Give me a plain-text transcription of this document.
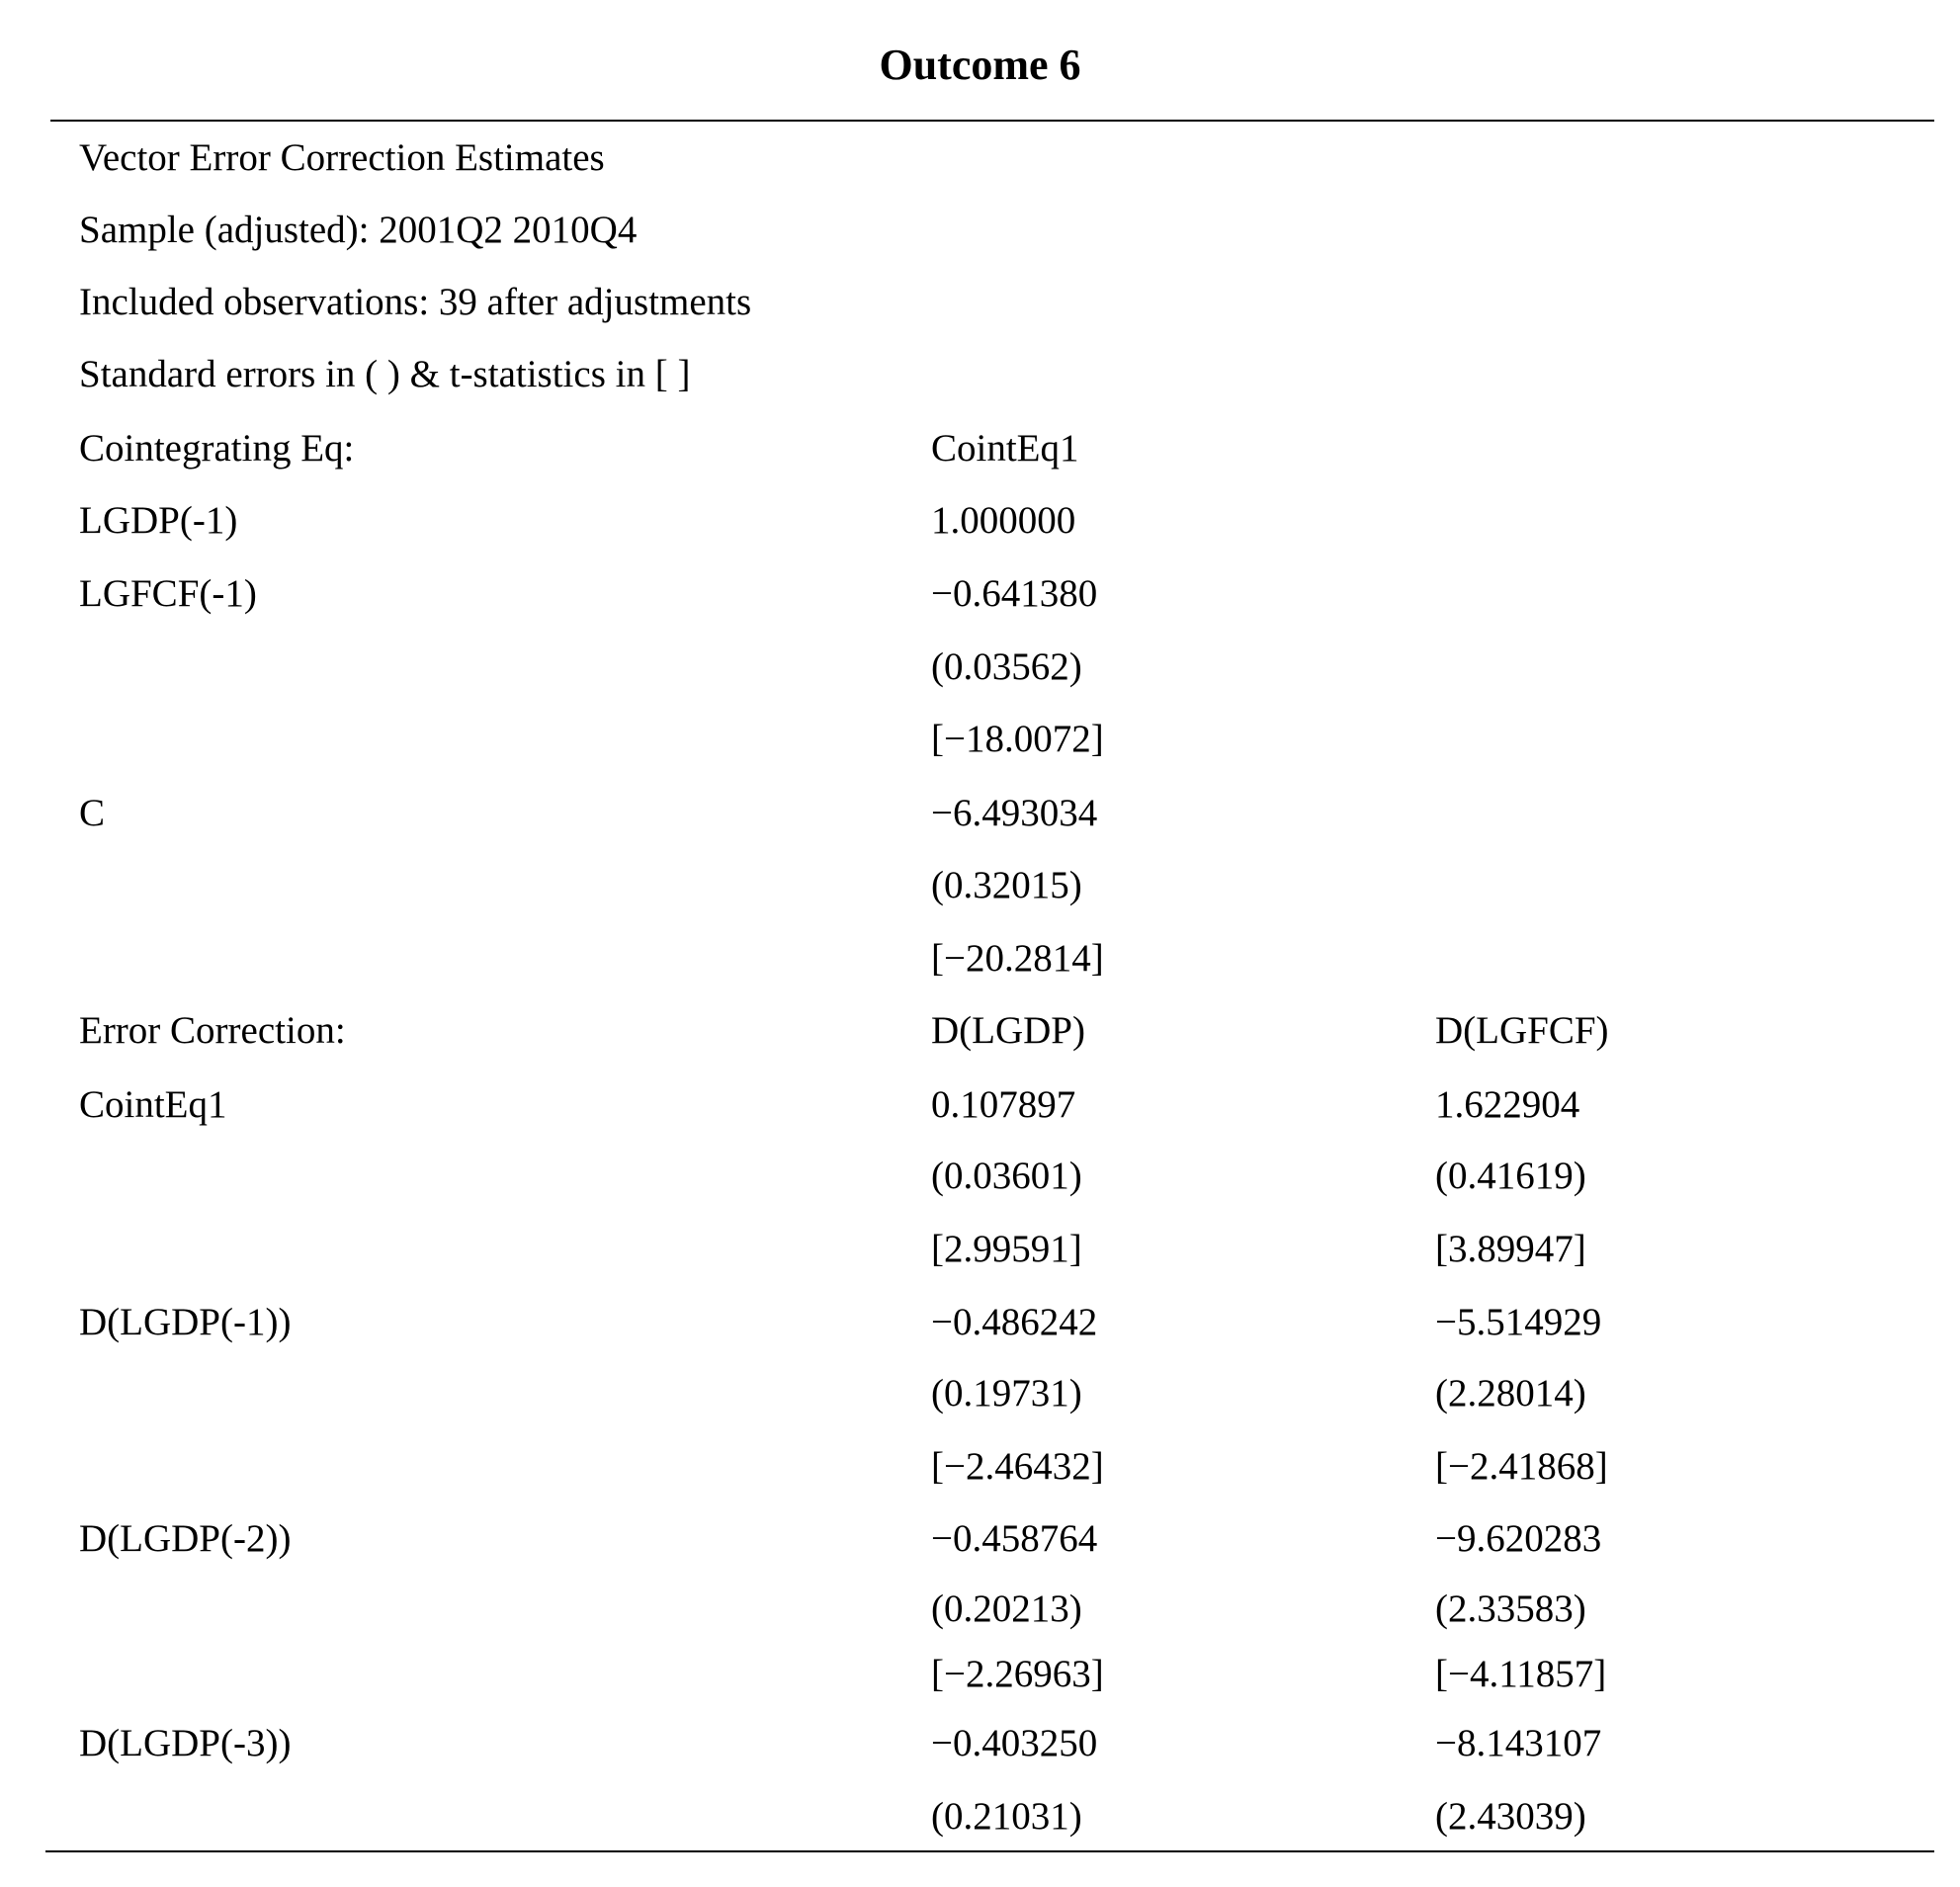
Outcome 6
Vector Error Correction Estimates
Sample (adjusted): 2001Q2 2010Q4
Included observations: 39 after adjustments
Standard errors in ( ) & t-statistics in [ ]
Cointegrating Eq:	CointEq1
LGDP(-1)	1.000000
LGFCF(-1)	−0.641380
(0.03562)
[−18.0072]
C	−6.493034
(0.32015)
[−20.2814]
Error Correction:	D(LGDP)	D(LGFCF)
CointEq1	0.107897	1.622904
(0.03601)	(0.41619)
[2.99591]	[3.89947]
D(LGDP(-1))	−0.486242	−5.514929
(0.19731)	(2.28014)
[−2.46432]	[−2.41868]
D(LGDP(-2))	−0.458764	−9.620283
(0.20213)	(2.33583)
[−2.26963]	[−4.11857]
D(LGDP(-3))	−0.403250	−8.143107
(0.21031)	(2.43039)
